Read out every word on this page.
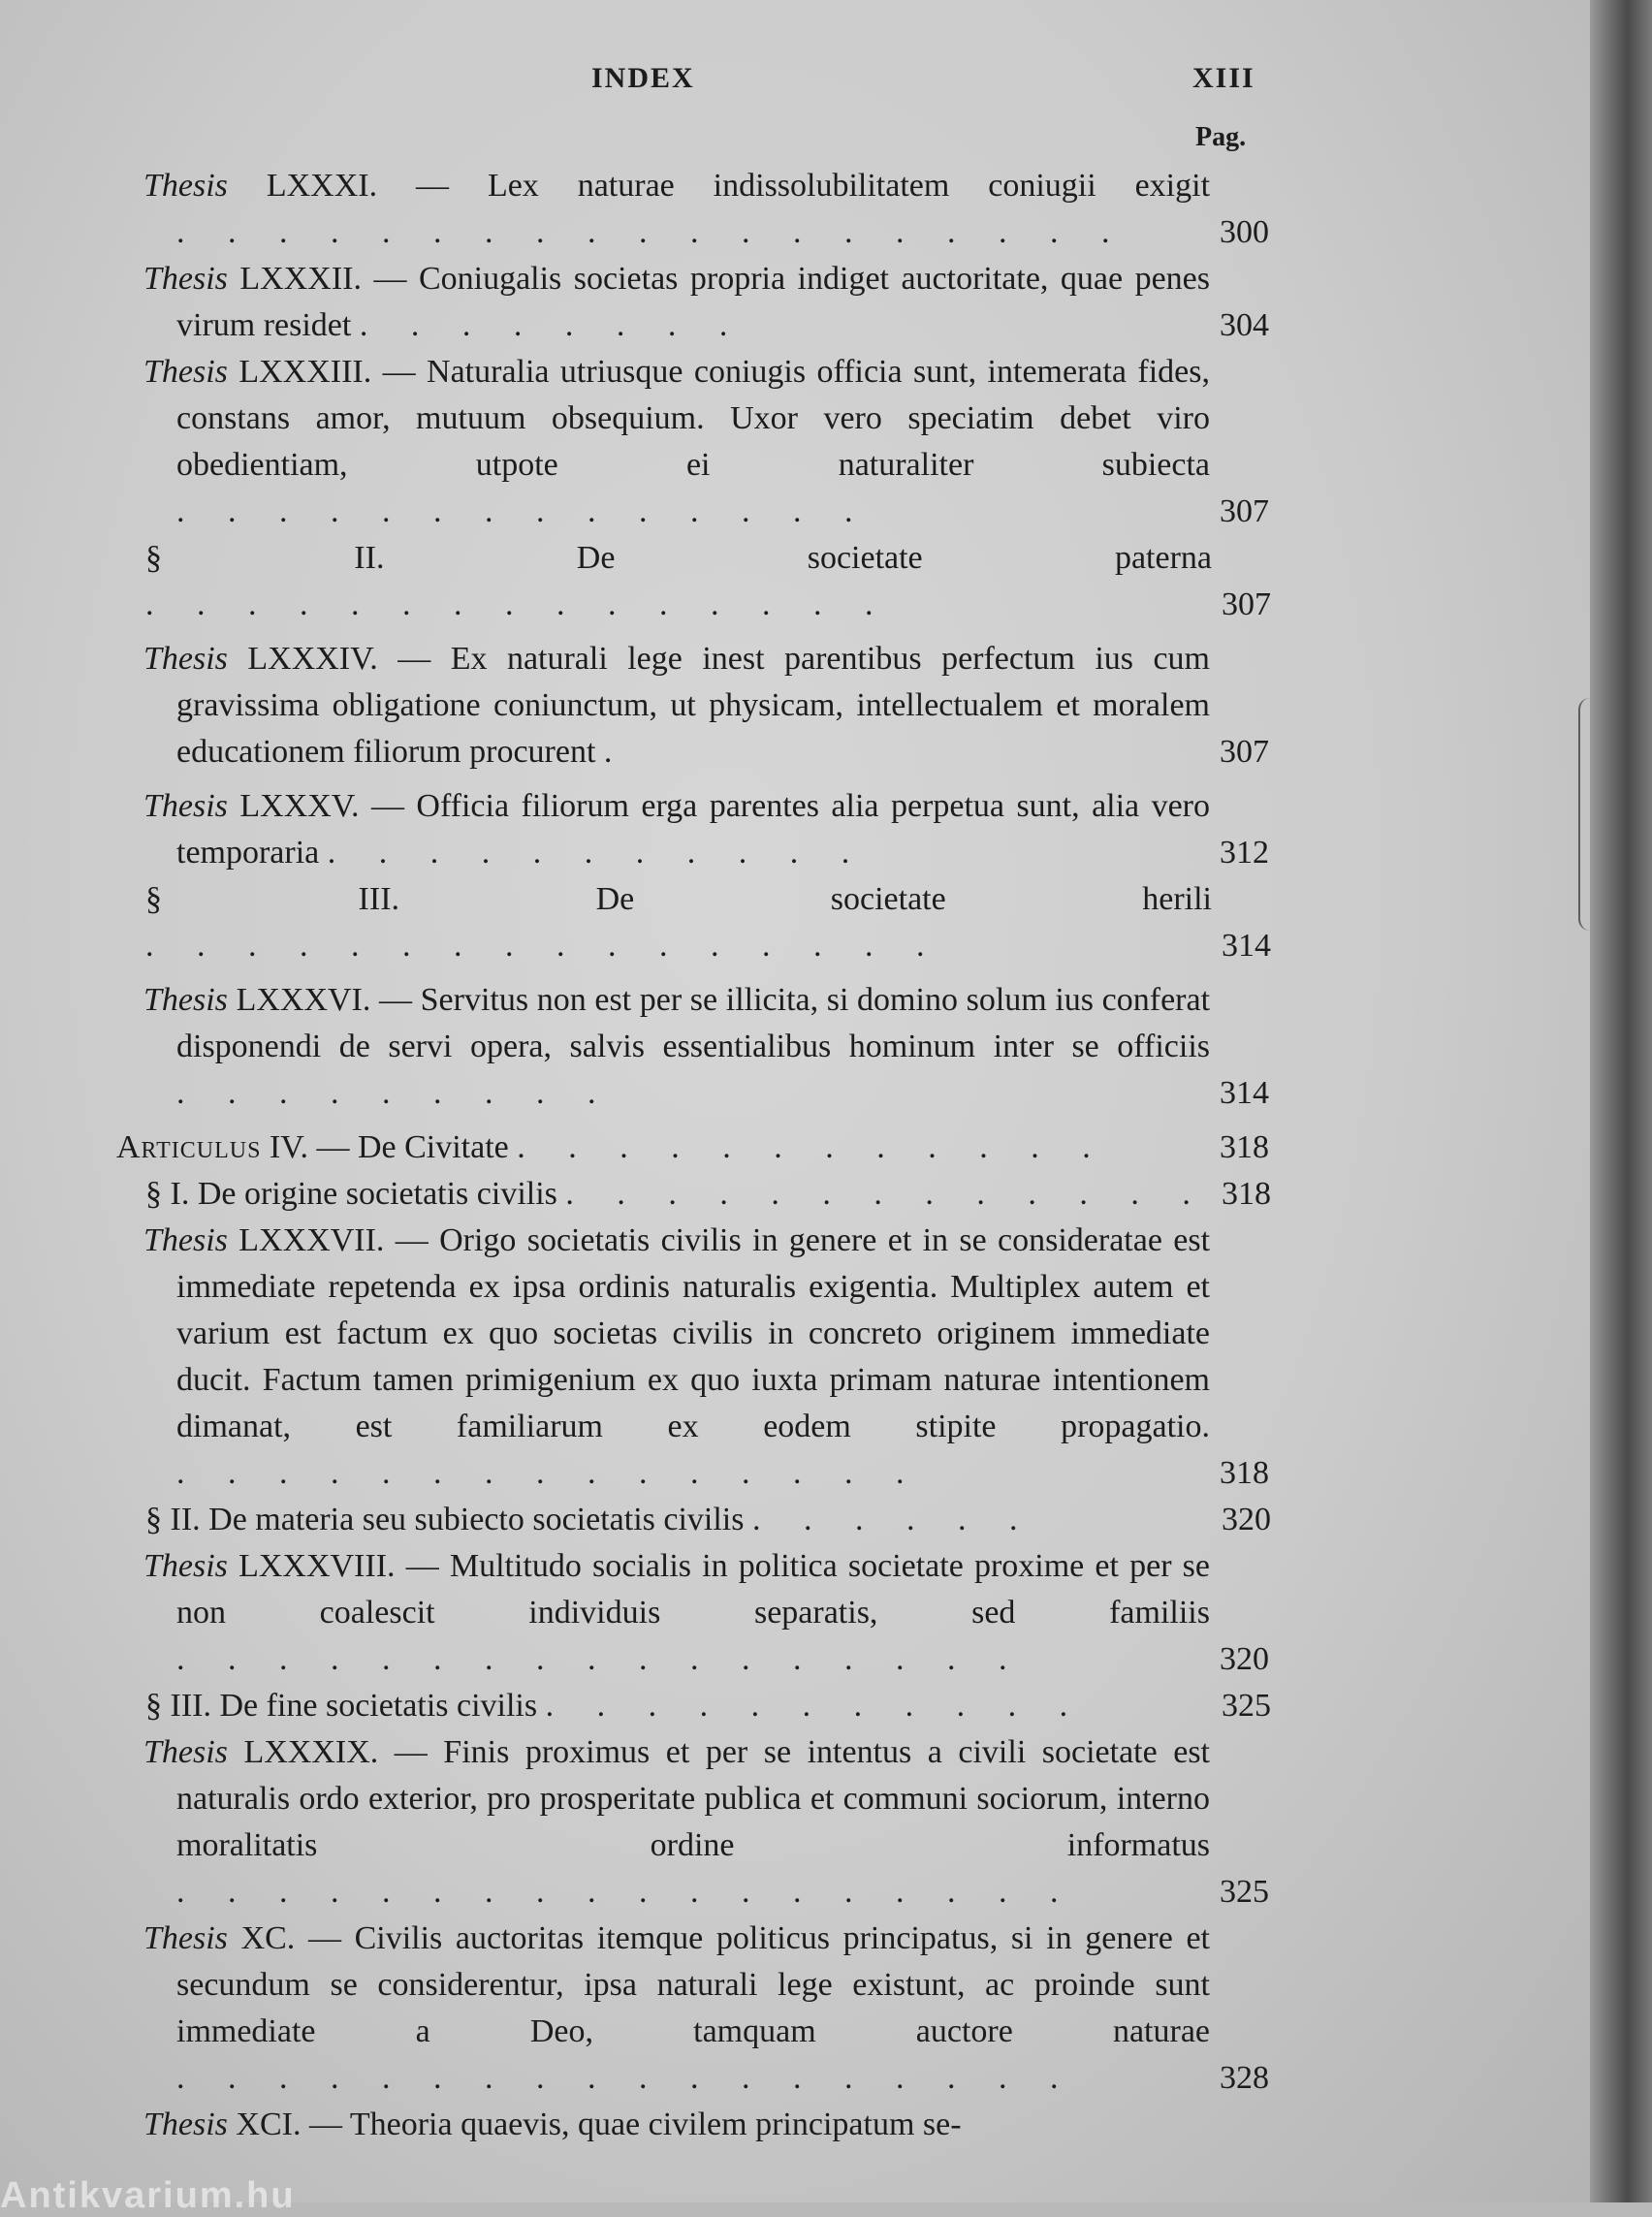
INDEX	XIII
Pag.

Thesis LXXXI. — Lex naturae indissolubilitatem coniugii exigit . . . . . . . . . . . . . . . . . . .	300

Thesis LXXXII. — Coniugalis societas propria indiget auctoritate, quae penes virum residet . . . . . . . .	304

Thesis LXXXIII. — Naturalia utriusque coniugis officia sunt, intemerata fides, constans amor, mutuum obsequium. Uxor vero speciatim debet viro obedientiam, utpote ei naturaliter subiecta . . . . . . . . . . . . . .	307

§ II. De societate paterna . . . . . . . . . . . . . . .	307

Thesis LXXXIV. — Ex naturali lege inest parentibus perfectum ius cum gravissima obligatione coniunctum, ut physicam, intellectualem et moralem educationem filiorum procurent .	307

Thesis LXXXV. — Officia filiorum erga parentes alia perpetua sunt, alia vero temporaria . . . . . . . . . . .	312

§ III. De societate herili . . . . . . . . . . . . . . . .	314

Thesis LXXXVI. — Servitus non est per se illicita, si domino solum ius conferat disponendi de servi opera, salvis essentialibus hominum inter se officiis . . . . . . . . .	314

Articulus IV. — De Civitate . . . . . . . . . . . .	318

§ I. De origine societatis civilis . . . . . . . . . . . . . 318

Thesis LXXXVII. — Origo societatis civilis in genere et in se consideratae est immediate repetenda ex ipsa ordinis naturalis exigentia. Multiplex autem et varium est factum ex quo societas civilis in concreto originem immediate ducit. Factum tamen primigenium ex quo iuxta primam naturae intentionem dimanat, est familiarum ex eodem stipite propagatio. . . . . . . . . . . . . . . .	318

§ II. De materia seu subiecto societatis civilis . . . . . .	320

Thesis LXXXVIII. — Multitudo socialis in politica societate proxime et per se non coalescit individuis separatis, sed familiis . . . . . . . . . . . . . . . . .	320

§ III. De fine societatis civilis . . . . . . . . . . .	325

Thesis LXXXIX. — Finis proximus et per se intentus a civili societate est naturalis ordo exterior, pro prosperitate publica et communi sociorum, interno moralitatis ordine informatus . . . . . . . . . . . . . . . . . .	325

Thesis XC. — Civilis auctoritas itemque politicus principatus, si in genere et secundum se considerentur, ipsa naturali lege existunt, ac proinde sunt immediate a Deo, tamquam auctore naturae . . . . . . . . . . . . . . . . . .	328

Thesis XCI. — Theoria quaevis, quae civilem principatum se-

Antikvarium.hu
